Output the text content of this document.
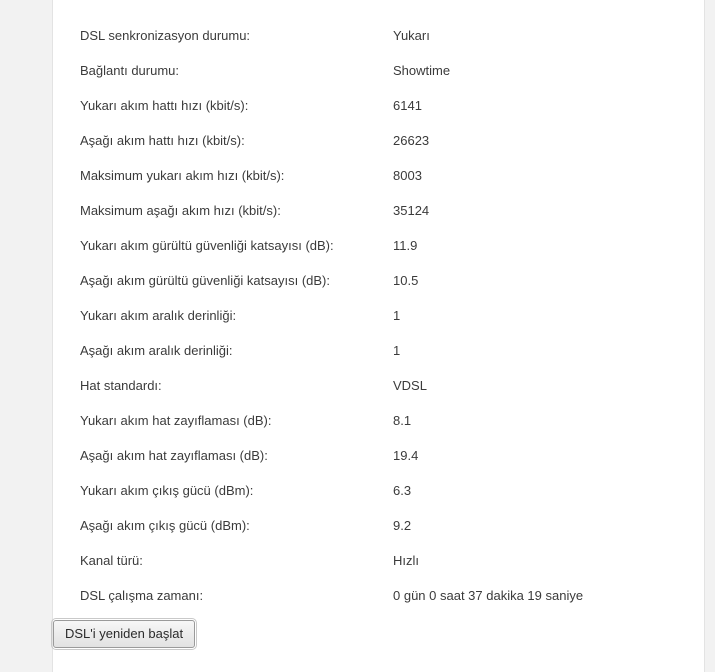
DSL senkronizasyon durumu:	Yukarı
Bağlantı durumu:	Showtime
Yukarı akım hattı hızı (kbit/s):	6141
Aşağı akım hattı hızı (kbit/s):	26623
Maksimum yukarı akım hızı (kbit/s):	8003
Maksimum aşağı akım hızı (kbit/s):	35124
Yukarı akım gürültü güvenliği katsayısı (dB):	11.9
Aşağı akım gürültü güvenliği katsayısı (dB):	10.5
Yukarı akım aralık derinliği:	1
Aşağı akım aralık derinliği:	1
Hat standardı:	VDSL
Yukarı akım hat zayıflaması (dB):	8.1
Aşağı akım hat zayıflaması (dB):	19.4
Yukarı akım çıkış gücü (dBm):	6.3
Aşağı akım çıkış gücü (dBm):	9.2
Kanal türü:	Hızlı
DSL çalışma zamanı:	0 gün 0 saat 37 dakika 19 saniye
DSL'i yeniden başlat	
